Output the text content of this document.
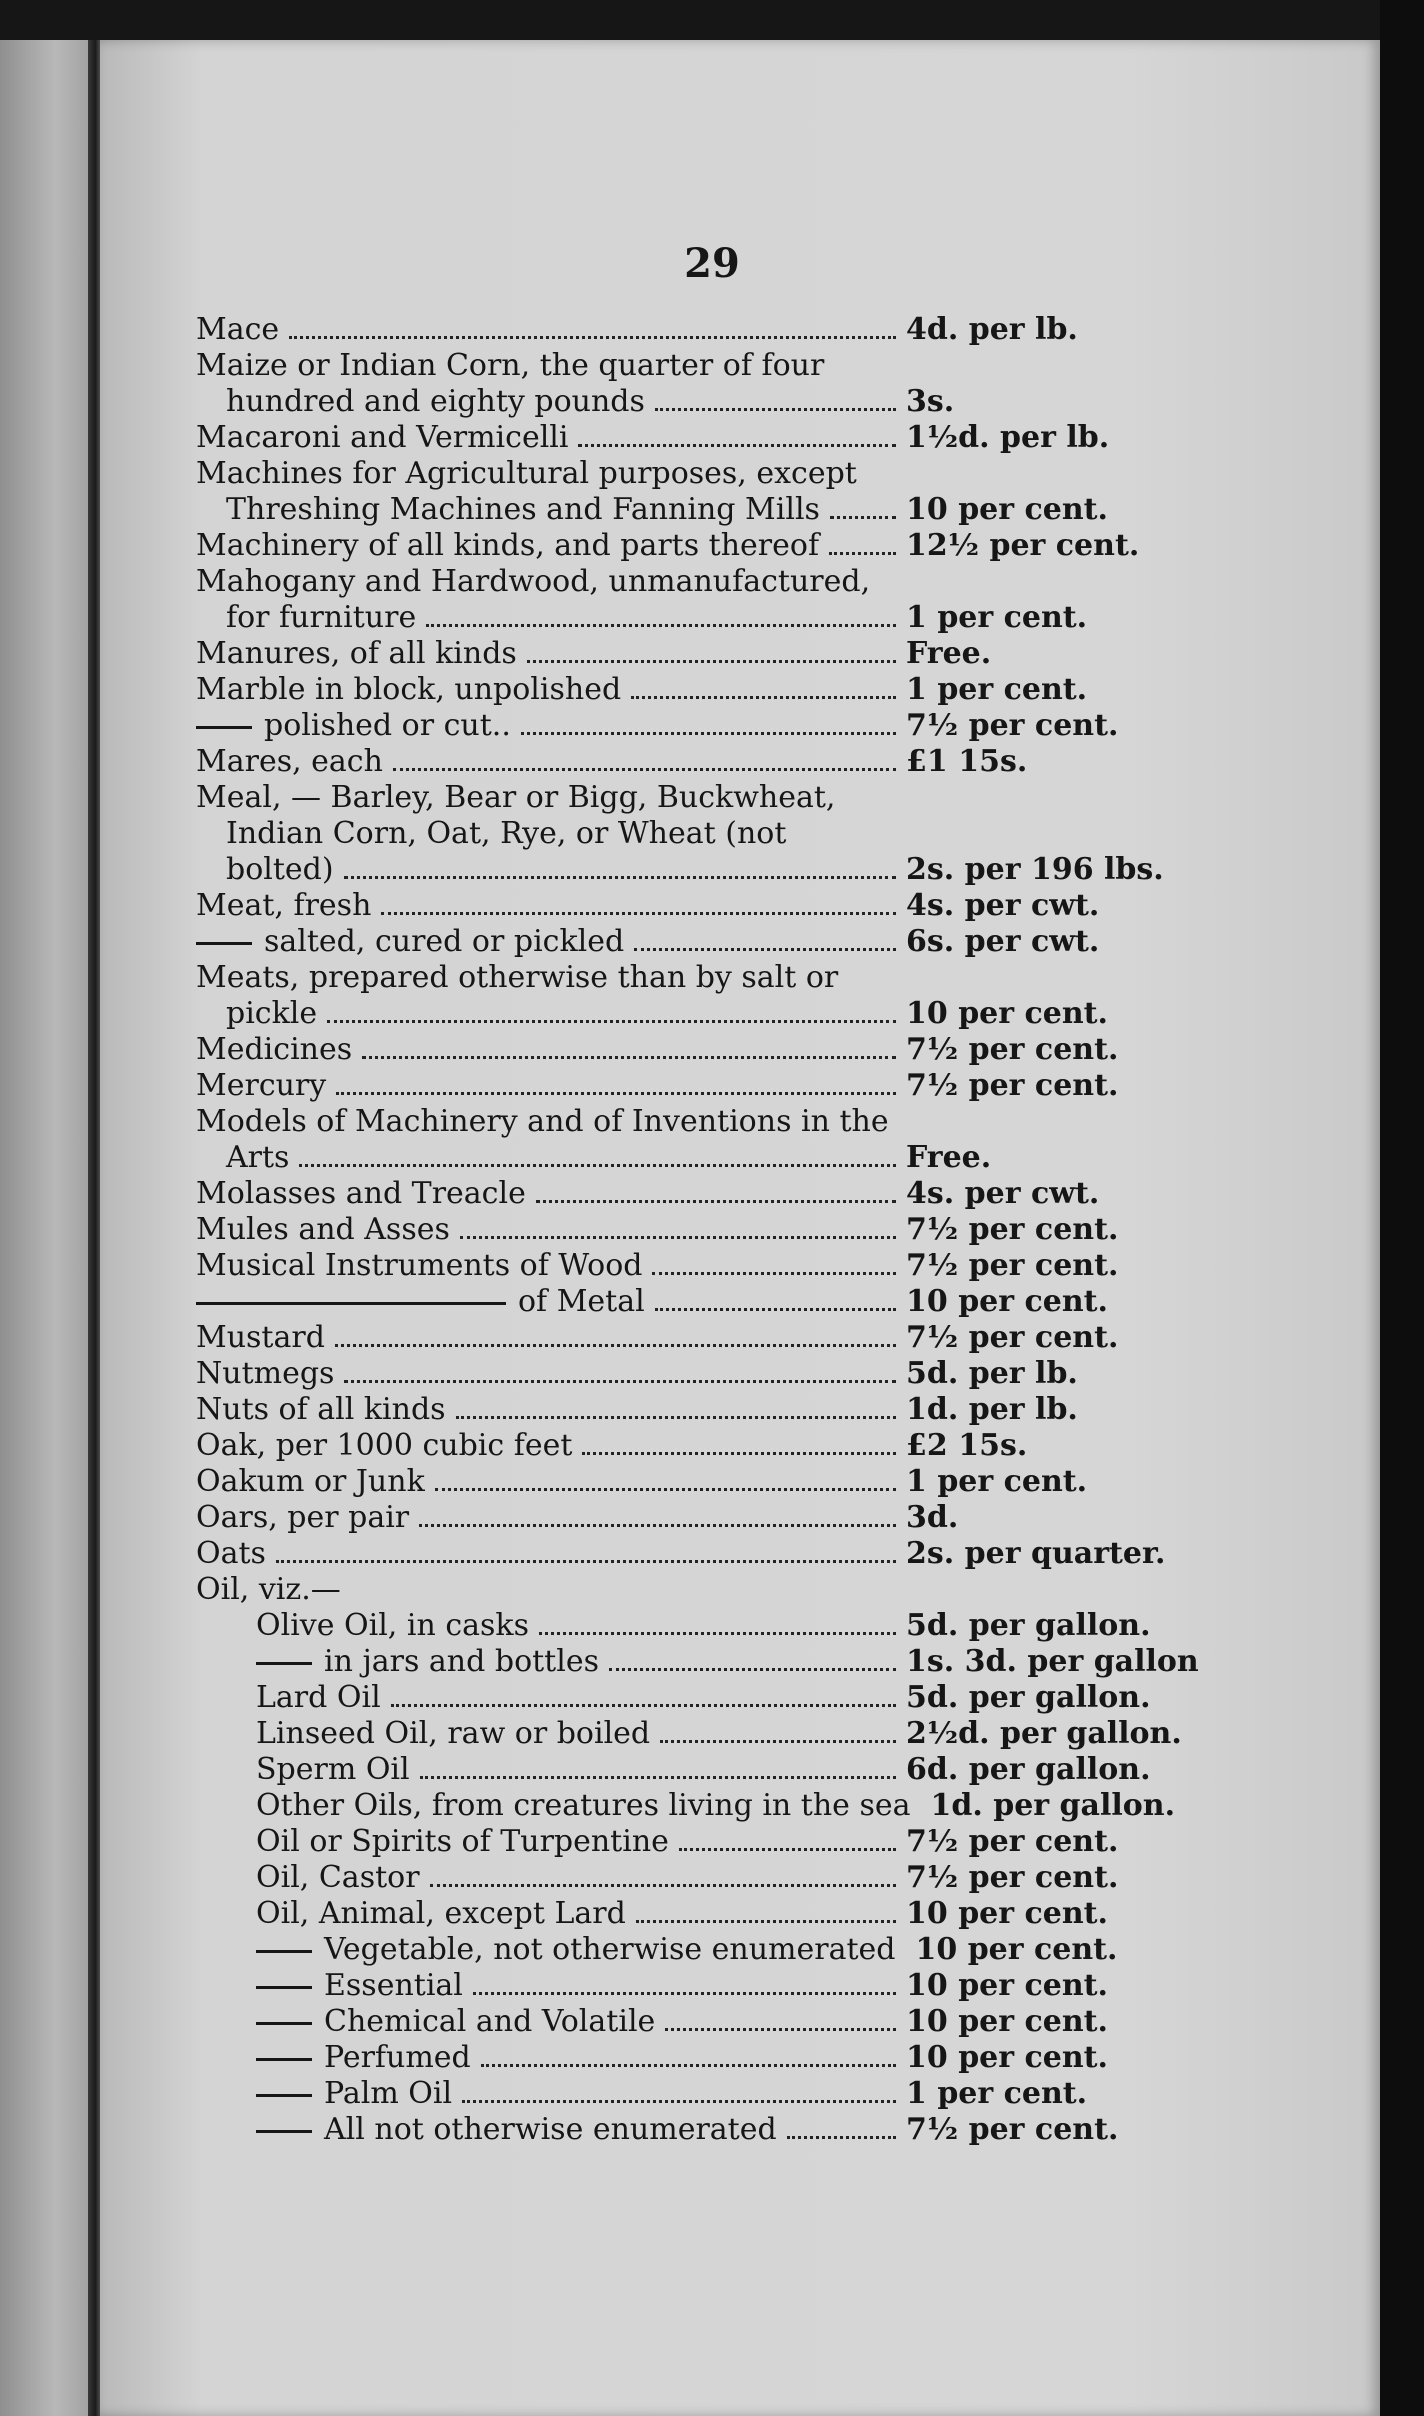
29
Mace	4d. per lb.
Maize or Indian Corn, the quarter of four
hundred and eighty pounds	3s.
Macaroni and Vermicelli	1½d. per lb.
Machines for Agricultural purposes, except
Threshing Machines and Fanning Mills	10 per cent.
Machinery of all kinds, and parts thereof	12½ per cent.
Mahogany and Hardwood, unmanufactured,
for furniture	1 per cent.
Manures, of all kinds	Free.
Marble in block, unpolished	1 per cent.
polished or cut..	7½ per cent.
Mares, each	£1 15s.
Meal, — Barley, Bear or Bigg, Buckwheat,
Indian Corn, Oat, Rye, or Wheat (not
bolted)	2s. per 196 lbs.
Meat, fresh	4s. per cwt.
salted, cured or pickled	6s. per cwt.
Meats, prepared otherwise than by salt or
pickle	10 per cent.
Medicines	7½ per cent.
Mercury	7½ per cent.
Models of Machinery and of Inventions in the
Arts	Free.
Molasses and Treacle	4s. per cwt.
Mules and Asses	7½ per cent.
Musical Instruments of Wood	7½ per cent.
of Metal	10 per cent.
Mustard	7½ per cent.
Nutmegs	5d. per lb.
Nuts of all kinds	1d. per lb.
Oak, per 1000 cubic feet	£2 15s.
Oakum or Junk	1 per cent.
Oars, per pair	3d.
Oats	2s. per quarter.
Oil, viz.—
Olive Oil, in casks	5d. per gallon.
in jars and bottles	1s. 3d. per gallon
Lard Oil	5d. per gallon.
Linseed Oil, raw or boiled	2½d. per gallon.
Sperm Oil	6d. per gallon.
Other Oils, from creatures living in the sea 1d. per gallon.
Oil or Spirits of Turpentine	7½ per cent.
Oil, Castor	7½ per cent.
Oil, Animal, except Lard	10 per cent.
Vegetable, not otherwise enumerated 10 per cent.
Essential	10 per cent.
Chemical and Volatile	10 per cent.
Perfumed	10 per cent.
Palm Oil	1 per cent.
All not otherwise enumerated	7½ per cent.
